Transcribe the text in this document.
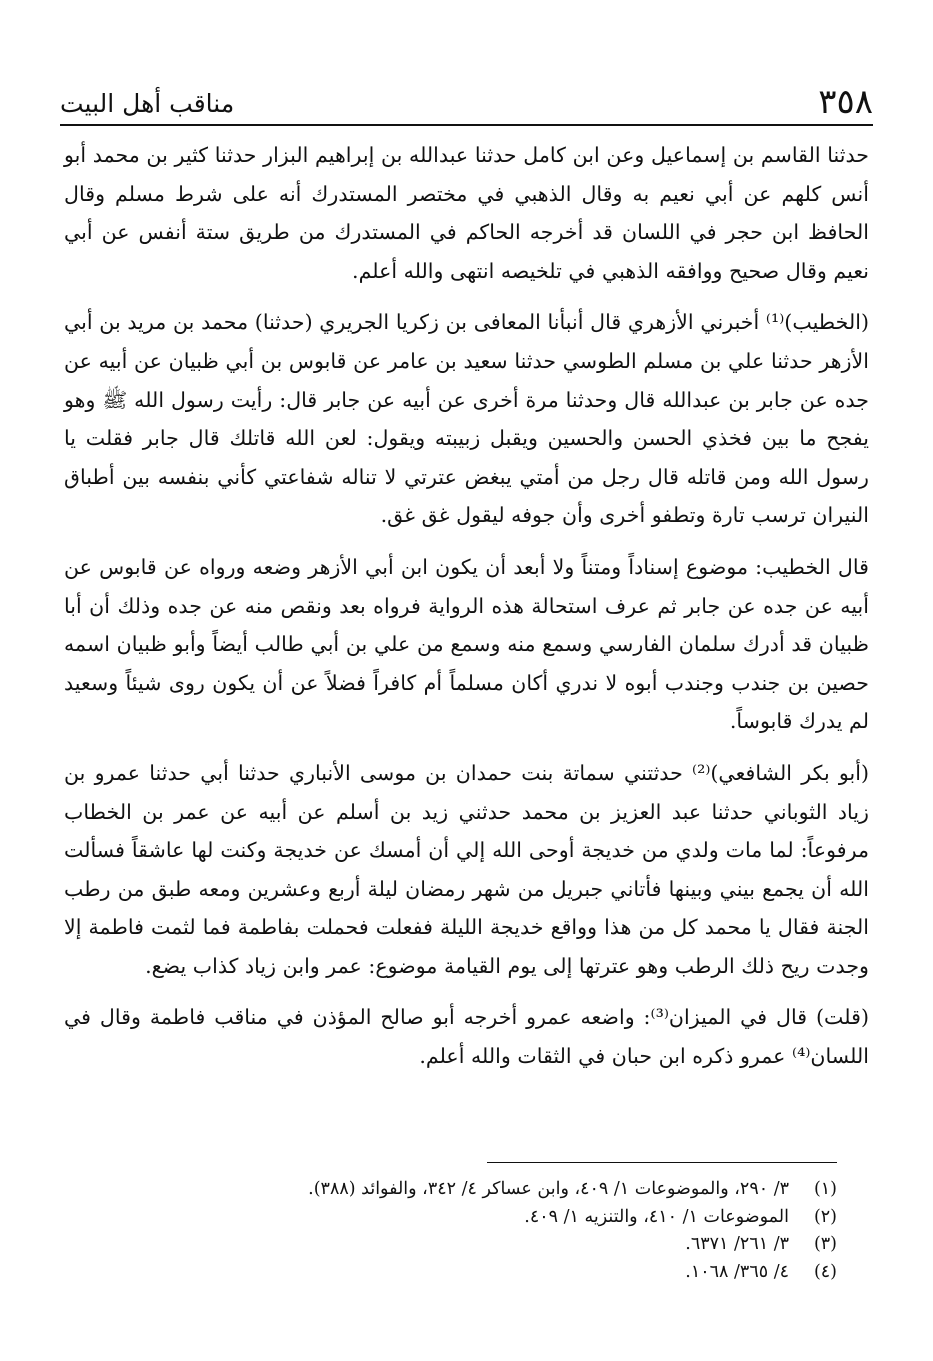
٣٥٨
مناقب أهل البيت

حدثنا القاسم بن إسماعيل وعن ابن كامل حدثنا عبدالله بن إبراهيم البزار حدثنا كثير بن محمد أبو أنس كلهم عن أبي نعيم به وقال الذهبي في مختصر المستدرك أنه على شرط مسلم وقال الحافظ ابن حجر في اللسان قد أخرجه الحاكم في المستدرك من طريق ستة أنفس عن أبي نعيم وقال صحيح ووافقه الذهبي في تلخيصه انتهى والله أعلم.

(الخطيب)⁽¹⁾ أخبرني الأزهري قال أنبأنا المعافى بن زكريا الجريري (حدثنا) محمد بن مريد بن أبي الأزهر حدثنا علي بن مسلم الطوسي حدثنا سعيد بن عامر عن قابوس بن أبي ظبيان عن أبيه عن جده عن جابر بن عبدالله قال وحدثنا مرة أخرى عن أبيه عن جابر قال: رأيت رسول الله ﷺ وهو يفجح ما بين فخذي الحسن والحسين ويقبل زبيبته ويقول: لعن الله قاتلك قال جابر فقلت يا رسول الله ومن قاتله قال رجل من أمتي يبغض عترتي لا تناله شفاعتي كأني بنفسه بين أطباق النيران ترسب تارة وتطفو أخرى وأن جوفه ليقول غق غق.

قال الخطيب: موضوع إسناداً ومتناً ولا أبعد أن يكون ابن أبي الأزهر وضعه ورواه عن قابوس عن أبيه عن جده عن جابر ثم عرف استحالة هذه الرواية فرواه بعد ونقص منه عن جده وذلك أن أبا ظبيان قد أدرك سلمان الفارسي وسمع منه وسمع من علي بن أبي طالب أيضاً وأبو ظبيان اسمه حصين بن جندب وجندب أبوه لا ندري أكان مسلماً أم كافراً فضلاً عن أن يكون روى شيئاً وسعيد لم يدرك قابوساً.

(أبو بكر الشافعي)⁽²⁾ حدثتني سماتة بنت حمدان بن موسى الأنباري حدثنا أبي حدثنا عمرو بن زياد الثوباني حدثنا عبد العزيز بن محمد حدثني زيد بن أسلم عن أبيه عن عمر بن الخطاب مرفوعاً: لما مات ولدي من خديجة أوحى الله إلي أن أمسك عن خديجة وكنت لها عاشقاً فسألت الله أن يجمع بيني وبينها فأتاني جبريل من شهر رمضان ليلة أربع وعشرين ومعه طبق من رطب الجنة فقال يا محمد كل من هذا وواقع خديجة الليلة ففعلت فحملت بفاطمة فما لثمت فاطمة إلا وجدت ريح ذلك الرطب وهو عترتها إلى يوم القيامة موضوع: عمر وابن زياد كذاب يضع.

(قلت) قال في الميزان⁽³⁾: واضعه عمرو أخرجه أبو صالح المؤذن في مناقب فاطمة وقال في اللسان⁽⁴⁾ عمرو ذكره ابن حبان في الثقات والله أعلم.

(١)
٣/ ٢٩٠، والموضوعات ١/ ٤٠٩، وابن عساكر ٤/ ٣٤٢، والفوائد (٣٨٨).
(٢)
الموضوعات ١/ ٤١٠، والتنزيه ١/ ٤٠٩.
(٣)
٣/ ٢٦١/ ٦٣٧١.
(٤)
٤/ ٣٦٥/ ١٠٦٨.
